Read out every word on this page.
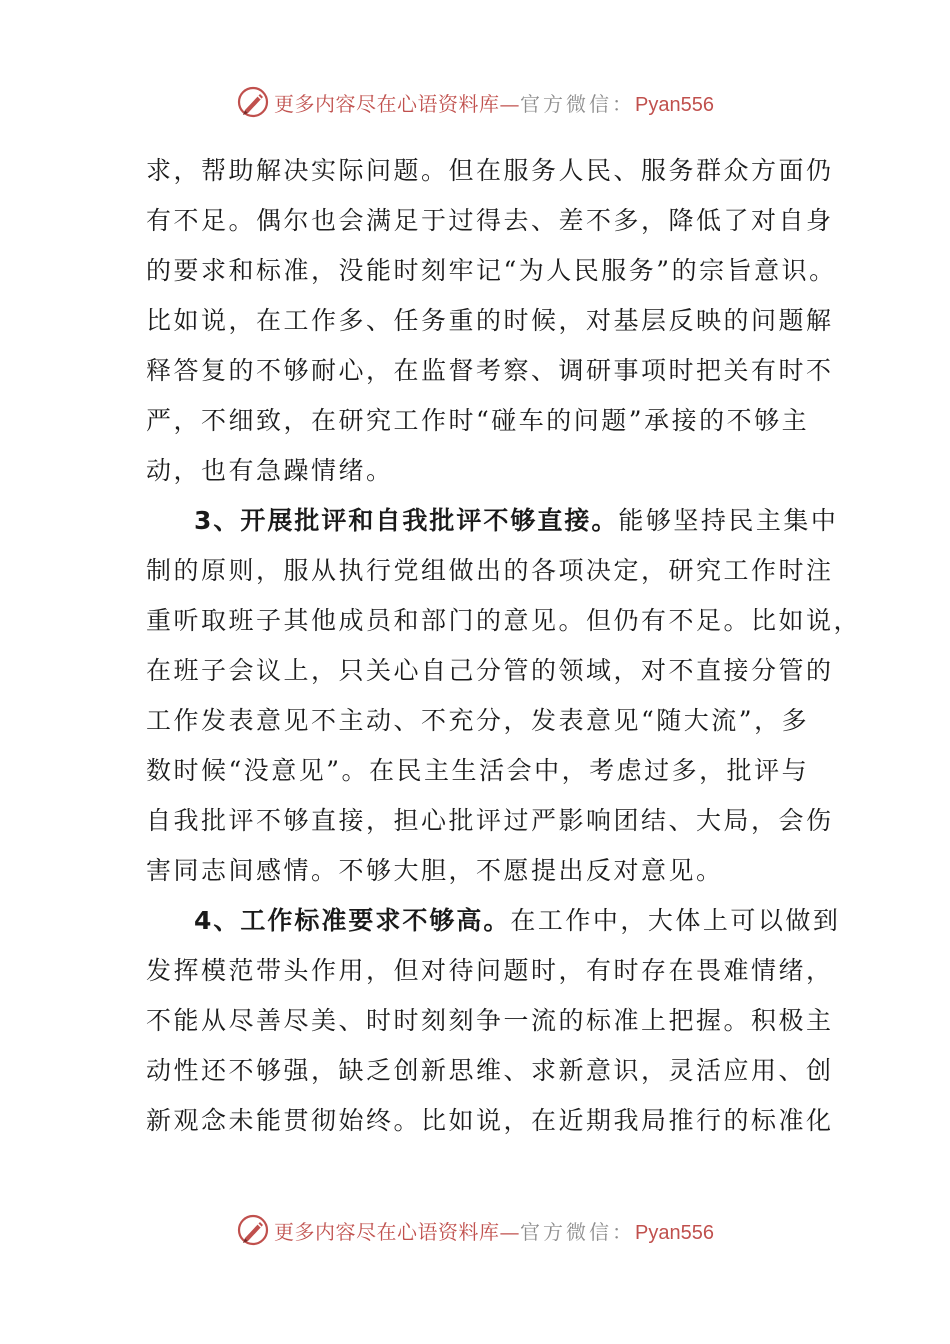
更多内容尽在心语资料库—官方微信：Pyan556
求，帮助解决实际问题。但在服务人民、服务群众方面仍
有不足。偶尔也会满足于过得去、差不多，降低了对自身
的要求和标准，没能时刻牢记“为人民服务”的宗旨意识。
比如说，在工作多、任务重的时候，对基层反映的问题解
释答复的不够耐心，在监督考察、调研事项时把关有时不
严，不细致，在研究工作时“碰车的问题”承接的不够主
动，也有急躁情绪。
3、开展批评和自我批评不够直接。能够坚持民主集中
制的原则，服从执行党组做出的各项决定，研究工作时注
重听取班子其他成员和部门的意见。但仍有不足。比如说，
在班子会议上，只关心自己分管的领域，对不直接分管的
工作发表意见不主动、不充分，发表意见“随大流”，多
数时候“没意见”。在民主生活会中，考虑过多，批评与
自我批评不够直接，担心批评过严影响团结、大局，会伤
害同志间感情。不够大胆，不愿提出反对意见。
4、工作标准要求不够高。在工作中，大体上可以做到
发挥模范带头作用，但对待问题时，有时存在畏难情绪，
不能从尽善尽美、时时刻刻争一流的标准上把握。积极主
动性还不够强，缺乏创新思维、求新意识，灵活应用、创
新观念未能贯彻始终。比如说，在近期我局推行的标准化
更多内容尽在心语资料库—官方微信：Pyan556
